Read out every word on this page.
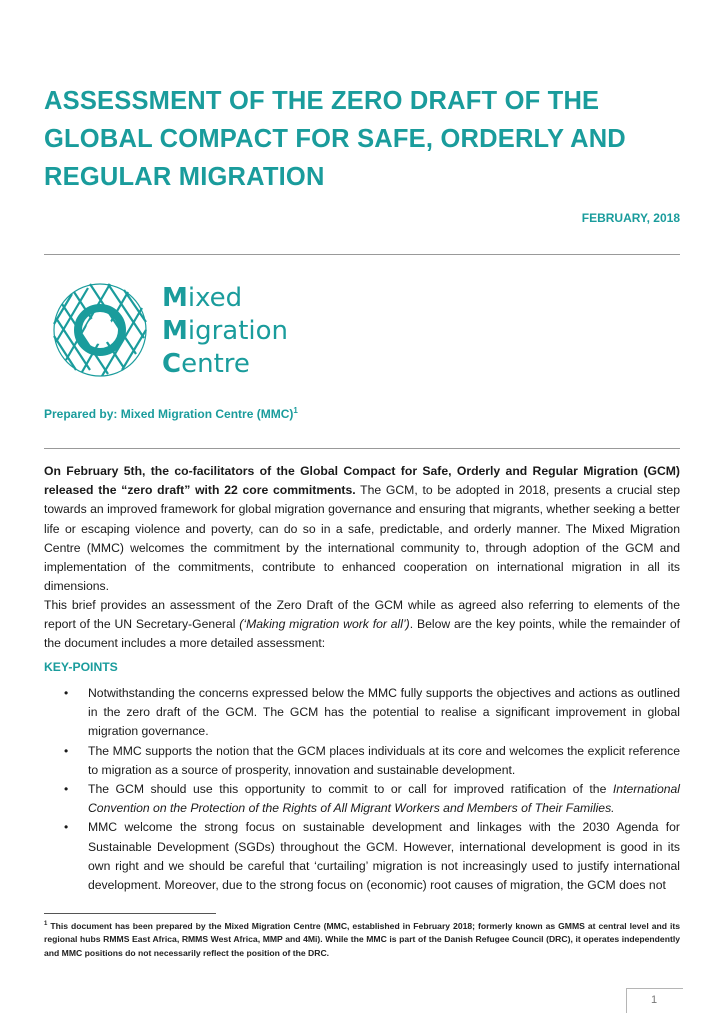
ASSESSMENT OF THE ZERO DRAFT OF THE GLOBAL COMPACT FOR SAFE, ORDERLY AND REGULAR MIGRATION
FEBRUARY, 2018
Mixed
Migration
Centre
Prepared by: Mixed Migration Centre (MMC)$^1$

On February 5th, the co-facilitators of the Global Compact for Safe, Orderly and Regular Migration (GCM) released the “zero draft” with 22 core commitments. The GCM, to be adopted in 2018, presents a crucial step towards an improved framework for global migration governance and ensuring that migrants, whether seeking a better life or escaping violence and poverty, can do so in a safe, predictable, and orderly manner. The Mixed Migration Centre (MMC) welcomes the commitment by the international community to, through adoption of the GCM and implementation of the commitments, contribute to enhanced cooperation on international migration in all its dimensions.

This brief provides an assessment of the Zero Draft of the GCM while as agreed also referring to elements of the report of the UN Secretary-General (‘Making migration work for all’). Below are the key points, while the remainder of the document includes a more detailed assessment:

KEY-POINTS
• Notwithstanding the concerns expressed below the MMC fully supports the objectives and actions as outlined in the zero draft of the GCM. The GCM has the potential to realise a significant improvement in global migration governance.
• The MMC supports the notion that the GCM places individuals at its core and welcomes the explicit reference to migration as a source of prosperity, innovation and sustainable development.
• The GCM should use this opportunity to commit to or call for improved ratification of the International Convention on the Protection of the Rights of All Migrant Workers and Members of Their Families.
• MMC welcome the strong focus on sustainable development and linkages with the 2030 Agenda for Sustainable Development (SGDs) throughout the GCM. However, international development is good in its own right and we should be careful that ‘curtailing’ migration is not increasingly used to justify international development. Moreover, due to the strong focus on (economic) root causes of migration, the GCM does not

$^1$ This document has been prepared by the Mixed Migration Centre (MMC, established in February 2018; formerly known as GMMS at central level and its regional hubs RMMS East Africa, RMMS West Africa, MMP and 4Mi). While the MMC is part of the Danish Refugee Council (DRC), it operates independently and MMC positions do not necessarily reflect the position of the DRC.

1
